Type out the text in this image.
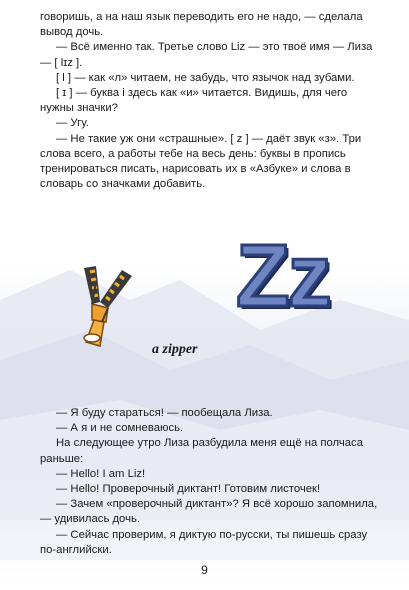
говоришь, а на наш язык переводить его не надо, — сделала вывод дочь.

— Всё именно так. Третье слово Liz — это твоё имя — Лиза — [ lɪz ].

[ l ] — как «л» читаем, не забудь, что язычок над зубами.

[ ɪ ] — буква i здесь как «и» читается. Видишь, для чего нужны значки?

— Угу.

— Не такие уж они «страшные». [ z ] — даёт звук «з». Три слова всего, а работы тебе на весь день: буквы в пропись тренироваться писать, нарисовать их в «Азбуке» и слова в словарь со значками добавить.

Zz
a zipper

— Я буду стараться! — пообещала Лиза.

— А я и не сомневаюсь.

На следующее утро Лиза разбудила меня ещё на полчаса раньше:

— Hello! I am Liz!

— Hello! Проверочный диктант! Готовим листочек!

— Зачем «проверочный диктант»? Я всё хорошо запомнила, — удивилась дочь.

— Сейчас проверим, я диктую по-русски, ты пишешь сразу по-английски.

9
